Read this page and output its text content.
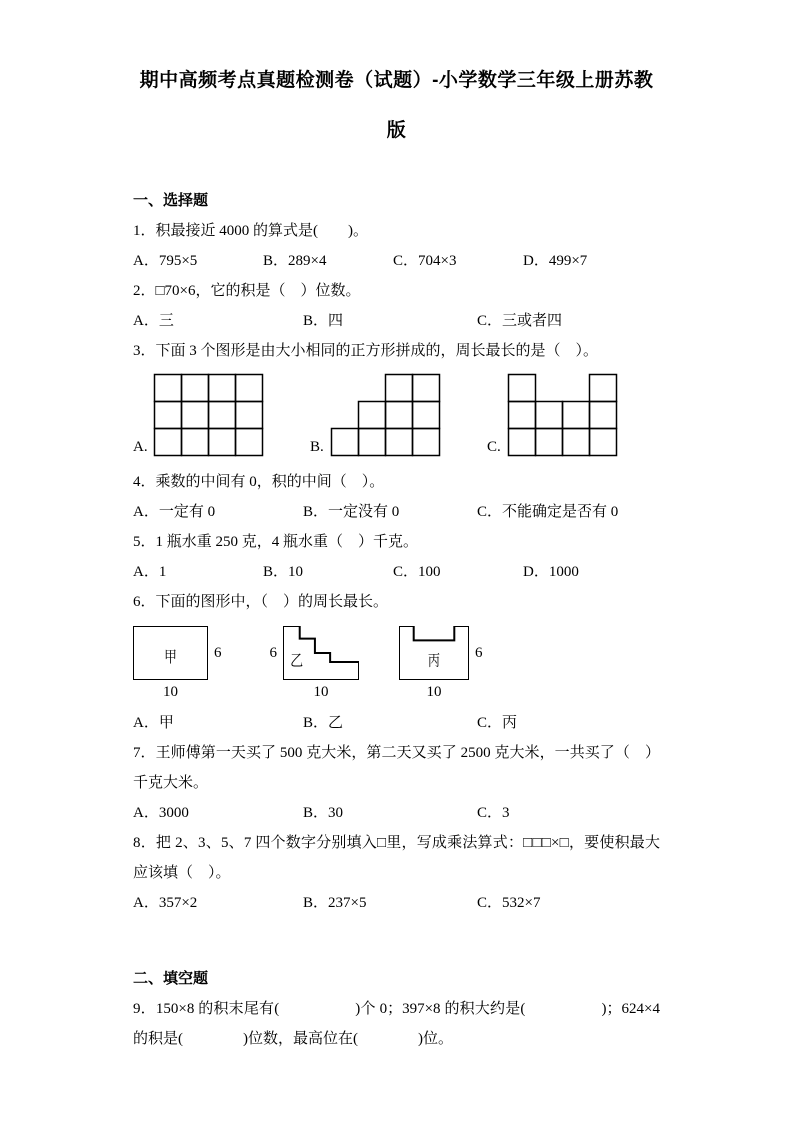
期中高频考点真题检测卷（试题）-小学数学三年级上册苏教
版
一、选择题

1．积最接近 4000 的算式是(　　)。

A．795×5	B．289×4	C．704×3	D．499×7

2．□70×6，它的积是（　）位数。

A．三	B．四	C．三或者四

3．下面 3 个图形是由大小相同的正方形拼成的，周长最长的是（　）。

A.	B.	C.

4．乘数的中间有 0，积的中间（　）。

A．一定有 0	B．一定没有 0	C．不能确定是否有 0

5．1 瓶水重 250 克，4 瓶水重（　）千克。

A．1	B．10	C．100	D．1000

6．下面的图形中，（　）的周长最长。

甲
10
6	6
乙
10
丙
10
6
A．甲	B．乙	C．丙

7．王师傅第一天买了 500 克大米，第二天又买了 2500 克大米，一共买了（　）千克大米。

A．3000	B．30	C．3

8．把 2、3、5、7 四个数字分别填入□里，写成乘法算式：□□□×□，要使积最大应该填（　）。

A．357×2	B．237×5	C．532×7
二、填空题

9．150×8 的积末尾有(　　　　　)个 0；397×8 的积大约是(　　　　　)；624×4 的积是(　　　　)位数，最高位在(　　　　)位。
